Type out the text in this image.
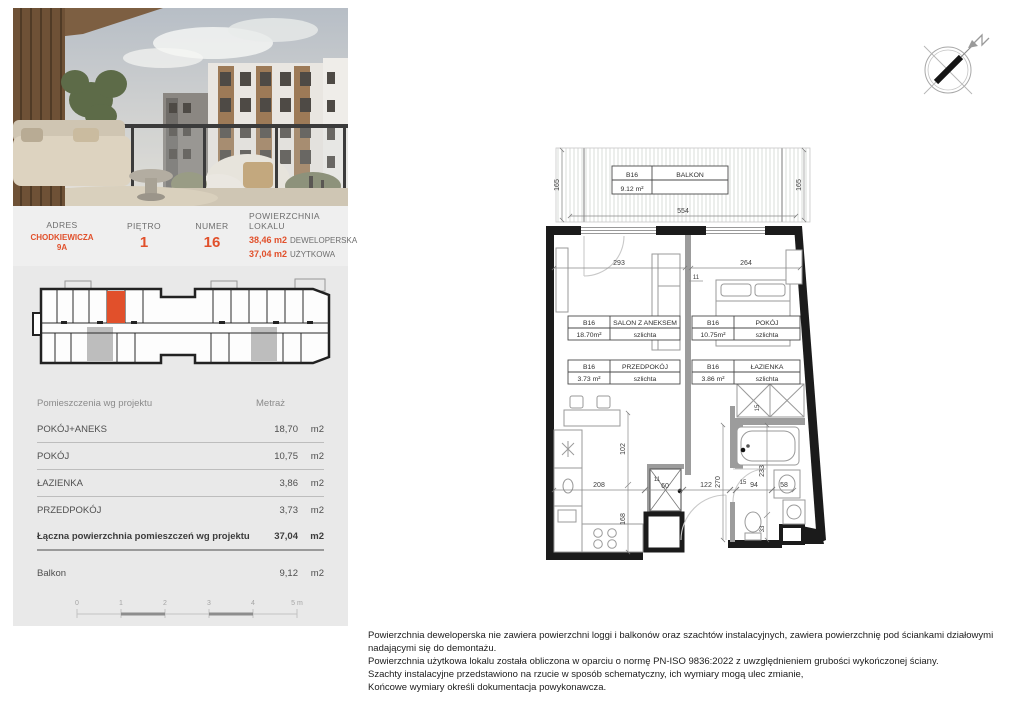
ADRES
CHODKIEWICZA
9A
PIĘTRO
1
NUMER
16
POWIERZCHNIA LOKALU
38,46 m2 DEWELOPERSKA
37,04 m2 UŻYTKOWA
Pomieszczenia wg projektu	Metraż
POKÓJ+ANEKS	18,70	m2
POKÓJ	10,75	m2
ŁAZIENKA	3,86	m2
PRZEDPOKÓJ	3,73	m2
Łączna powierzchnia pomieszczeń wg projektu	37,04	m2
Balkon	9,12	m2
0	1	2	3	4	5 m
165	165
554
B16	BALKON
9.12 m²
293	264
11
102
168
208
11
60	122	15 94	58
270
233
33
15
B16	SALON Z ANEKSEM
18.70m²	szlichta
B16	POKÓJ
10.75m²	szlichta
B16	PRZEDPOKÓJ
3.73 m²	szlichta
B16	ŁAZIENKA
3.86 m²	szlichta

Powierzchnia deweloperska nie zawiera powierzchni loggi i balkonów oraz szachtów instalacyjnych, zawiera powierzchnię pod ściankami działowymi nadającymi się do demontażu.

Powierzchnia użytkowa lokalu została obliczona w oparciu o normę PN-ISO 9836:2022 z uwzględnieniem grubości wykończonej ściany.

Szachty instalacyjne przedstawiono na rzucie w sposób schematyczny, ich wymiary mogą ulec zmianie,

Końcowe wymiary określi dokumentacja powykonawcza.
